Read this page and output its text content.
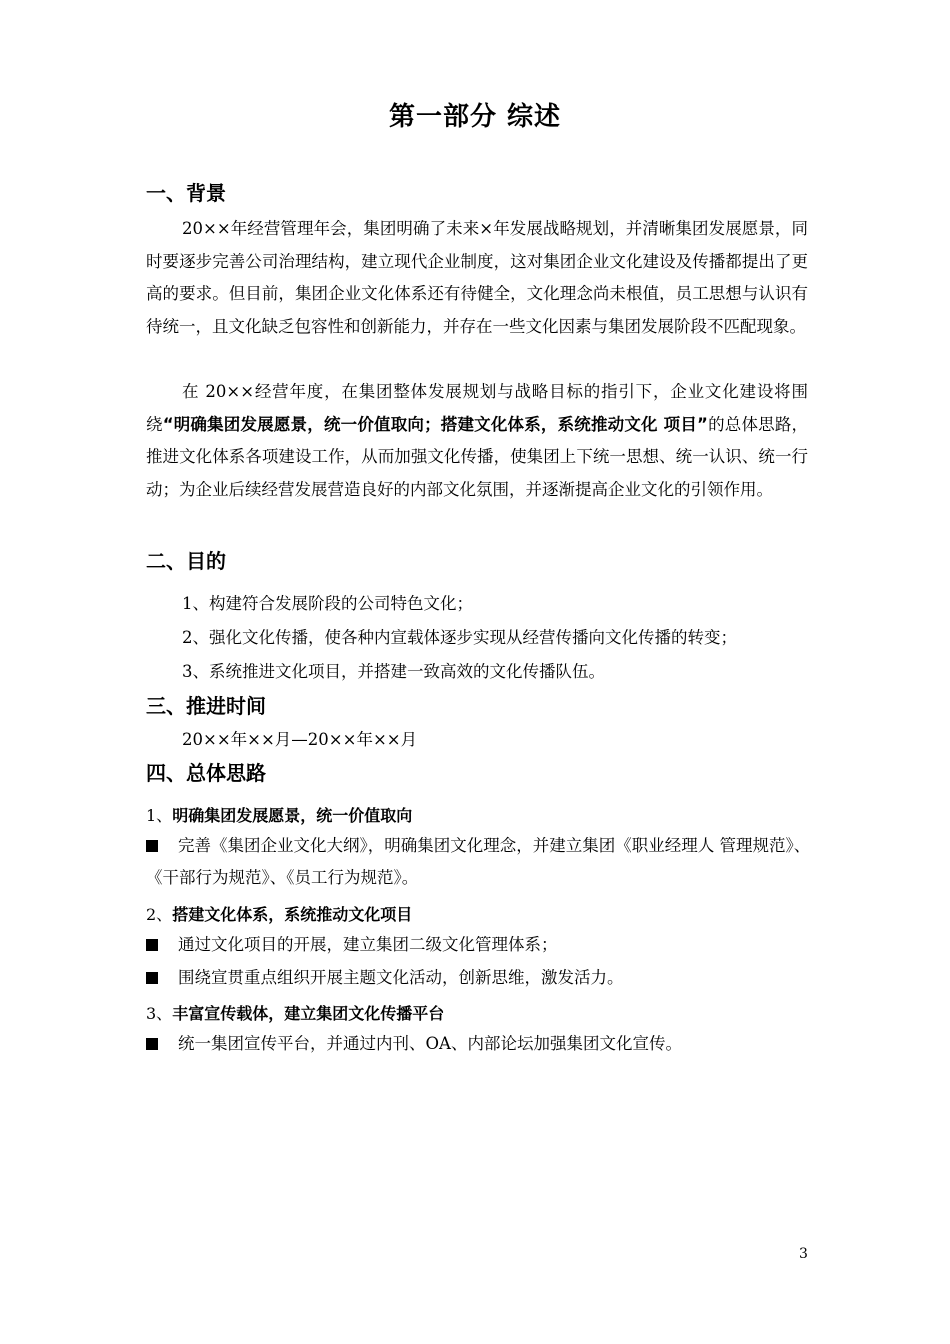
第一部分 综述
一、背景
20××年经营管理年会，集团明确了未来×年发展战略规划，并清晰集团发展愿景，同时要逐步完善公司治理结构，建立现代企业制度，这对集团企业文化建设及传播都提出了更高的要求。但目前，集团企业文化体系还有待健全，文化理念尚未根值，员工思想与认识有待统一，且文化缺乏包容性和创新能力，并存在一些文化因素与集团发展阶段不匹配现象。
在 20××经营年度，在集团整体发展规划与战略目标的指引下，企业文化建设将围绕“明确集团发展愿景，统一价值取向；搭建文化体系，系统推动文化 项目”的总体思路，推进文化体系各项建设工作，从而加强文化传播，使集团上下统一思想、统一认识、统一行动；为企业后续经营发展营造良好的内部文化氛围，并逐渐提高企业文化的引领作用。
二、目的
1、构建符合发展阶段的公司特色文化；
2、强化文化传播，使各种内宣载体逐步实现从经营传播向文化传播的转变；
3、系统推进文化项目，并搭建一致高效的文化传播队伍。
三、推进时间
20××年××月—20××年××月
四、总体思路
1、明确集团发展愿景，统一价值取向
完善《集团企业文化大纲》，明确集团文化理念，并建立集团《职业经理人 管理规范》、《干部行为规范》、《员工行为规范》。
2、搭建文化体系，系统推动文化项目
通过文化项目的开展，建立集团二级文化管理体系；
围绕宣贯重点组织开展主题文化活动，创新思维，激发活力。
3、丰富宣传载体，建立集团文化传播平台
统一集团宣传平台，并通过内刊、OA、内部论坛加强集团文化宣传。
3
